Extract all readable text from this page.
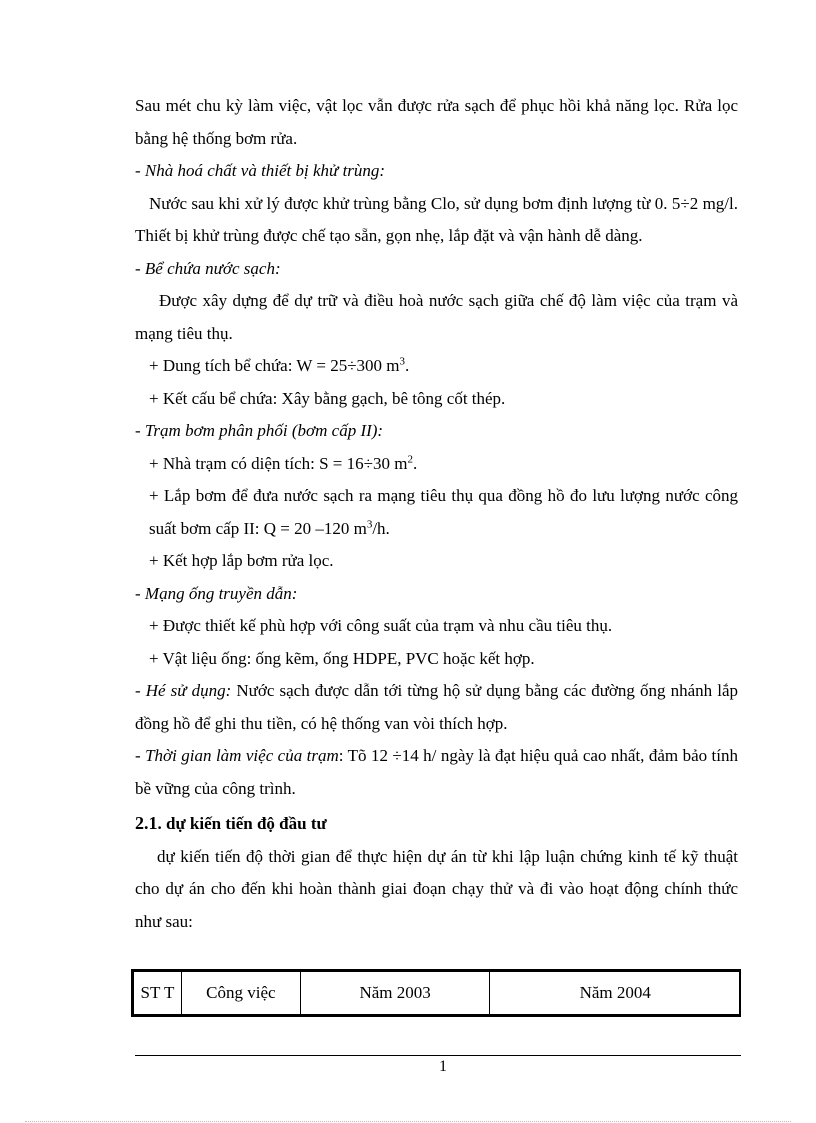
Sau mét chu kỳ làm việc, vật lọc vẫn được rửa sạch để phục hồi khả năng lọc. Rửa lọc bằng hệ thống bơm rửa.

- Nhà hoá chất và thiết bị khử trùng:

Nước sau khi xử lý được khử trùng bằng Clo, sử dụng bơm định lượng từ 0. 5÷2 mg/l. Thiết bị khử trùng được chế tạo sẵn, gọn nhẹ, lắp đặt và vận hành dễ dàng.

- Bể chứa nước sạch:

Được xây dựng để dự trữ và điều hoà nước sạch giữa chế độ làm việc của trạm và mạng tiêu thụ.

+ Dung tích bể chứa: W = 25÷300 $m^3$.

+ Kết cấu bể chứa: Xây bằng gạch, bê tông cốt thép.

- Trạm bơm phân phối (bơm cấp II):

+ Nhà trạm có diện tích: S = 16÷30 $m^2$.

+ Lắp bơm để đưa nước sạch ra mạng tiêu thụ qua đồng hồ đo lưu lượng nước công suất bơm cấp II: Q = 20 –120 $m^3/h$.

+ Kết hợp lắp bơm rửa lọc.

- Mạng ống truyền dẫn:

+ Được thiết kế phù hợp với công suất của trạm và nhu cầu tiêu thụ.

+ Vật liệu ống: ống kẽm, ống HDPE, PVC hoặc kết hợp.

- Hé sử dụng: Nước sạch được dẫn tới từng hộ sử dụng bằng các đường ống nhánh lắp đồng hồ để ghi thu tiền, có hệ thống van vòi thích hợp.

- Thời gian làm việc của trạm: Tõ 12 ÷14 h/ ngày là đạt hiệu quả cao nhất, đảm bảo tính bề vững của công trình.

2.1. dự kiến tiến độ đầu tư

dự kiến tiến độ thời gian để thực hiện dự án từ khi lập luận chứng kinh tế kỹ thuật cho dự án cho đến khi hoàn thành giai đoạn chạy thử và đi vào hoạt động chính thức như sau:

ST T	Công việc	Năm 2003	Năm 2004
1
